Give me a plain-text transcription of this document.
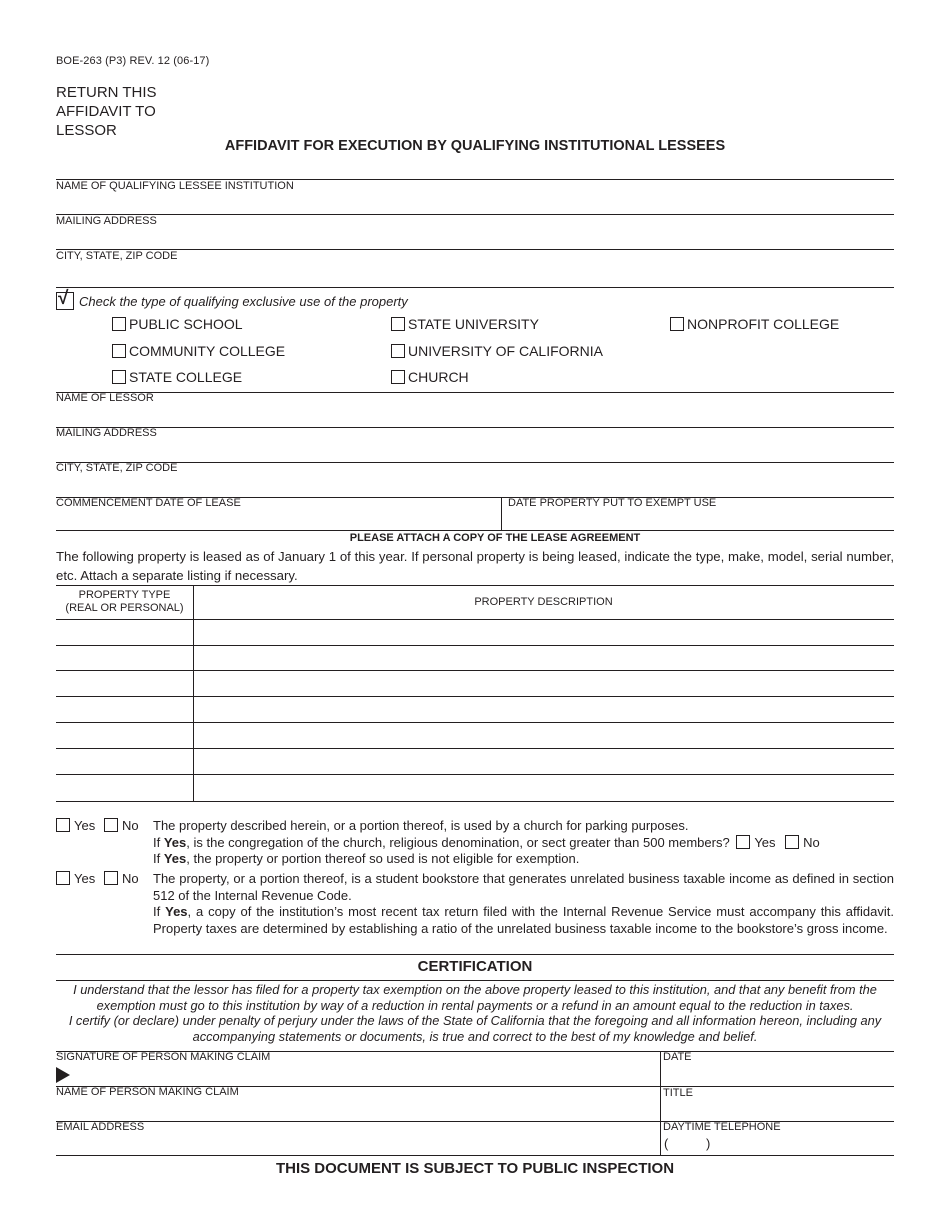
BOE-263 (P3) REV. 12 (06-17)
RETURN THIS
AFFIDAVIT TO
LESSOR
AFFIDAVIT FOR EXECUTION BY QUALIFYING INSTITUTIONAL LESSEES
NAME OF QUALIFYING LESSEE INSTITUTION
MAILING ADDRESS
CITY, STATE, ZIP CODE
√ Check the type of qualifying exclusive use of the property
PUBLIC SCHOOL	STATE UNIVERSITY	NONPROFIT COLLEGE
COMMUNITY COLLEGE	UNIVERSITY OF CALIFORNIA
STATE COLLEGE	CHURCH
NAME OF LESSOR
MAILING ADDRESS
CITY, STATE, ZIP CODE
COMMENCEMENT DATE OF LEASE	DATE PROPERTY PUT TO EXEMPT USE
PLEASE ATTACH A COPY OF THE LEASE AGREEMENT
The following property is leased as of January 1 of this year. If personal property is being leased, indicate the type, make, model, serial number, etc. Attach a separate listing if necessary.
PROPERTY TYPE
(REAL OR PERSONAL)	PROPERTY DESCRIPTION
Yes	No The property described herein, or a portion thereof, is used by a church for parking purposes.
If Yes, is the congregation of the church, religious denomination, or sect greater than 500 members? Yes No
If Yes, the property or portion thereof so used is not eligible for exemption.
Yes	No The property, or a portion thereof, is a student bookstore that generates unrelated business taxable income as defined in section 512 of the Internal Revenue Code.
If Yes, a copy of the institution’s most recent tax return filed with the Internal Revenue Service must accompany this affidavit. Property taxes are determined by establishing a ratio of the unrelated business taxable income to the bookstore’s gross income.
CERTIFICATION
I understand that the lessor has filed for a property tax exemption on the above property leased to this institution, and that any benefit from the exemption must go to this institution by way of a reduction in rental payments or a refund in an amount equal to the reduction in taxes.
I certify (or declare) under penalty of perjury under the laws of the State of California that the foregoing and all information hereon, including any accompanying statements or documents, is true and correct to the best of my knowledge and belief.
SIGNATURE OF PERSON MAKING CLAIM	DATE
NAME OF PERSON MAKING CLAIM	TITLE
EMAIL ADDRESS	DAYTIME TELEPHONE
(	)
THIS DOCUMENT IS SUBJECT TO PUBLIC INSPECTION
